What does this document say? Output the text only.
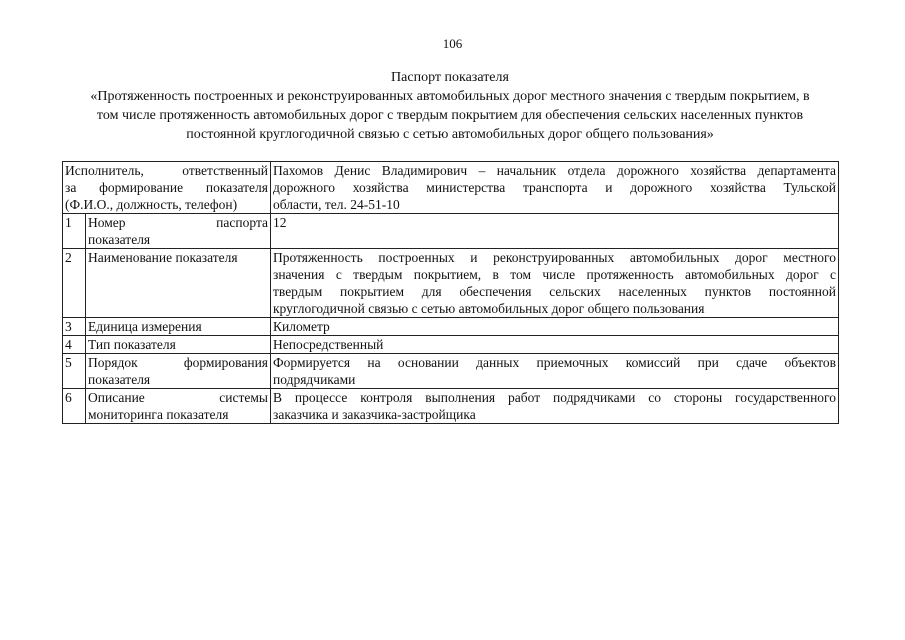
106
Паспорт показателя
«Протяженность построенных и реконструированных автомобильных дорог местного значения с твердым покрытием, в
том числе протяженность автомобильных дорог с твердым покрытием для обеспечения сельских населенных пунктов
постоянной круглогодичной связью с сетью автомобильных дорог общего пользования»
Исполнитель, ответственный
за формирование показателя
(Ф.И.О., должность, телефон)		Пахомов Денис Владимирович – начальник отдела дорожного хозяйства департамента
дорожного хозяйства министерства транспорта и дорожного хозяйства Тульской
области, тел. 24-51-10

1	Номер паспорта
показателя	12

2	Наименование показателя	Протяженность построенных и реконструированных автомобильных дорог местного
значения с твердым покрытием, в том числе протяженность автомобильных дорог с
твердым покрытием для обеспечения сельских населенных пунктов постоянной
круглогодичной связью с сетью автомобильных дорог общего пользования

3	Единица измерения	Километр

4	Тип показателя	Непосредственный

5	Порядок формирования
показателя	Формируется на основании данных приемочных комиссий при сдаче объектов
подрядчиками

6	Описание системы
мониторинга показателя	В процессе контроля выполнения работ подрядчиками со стороны государственного
заказчика и заказчика-застройщика
